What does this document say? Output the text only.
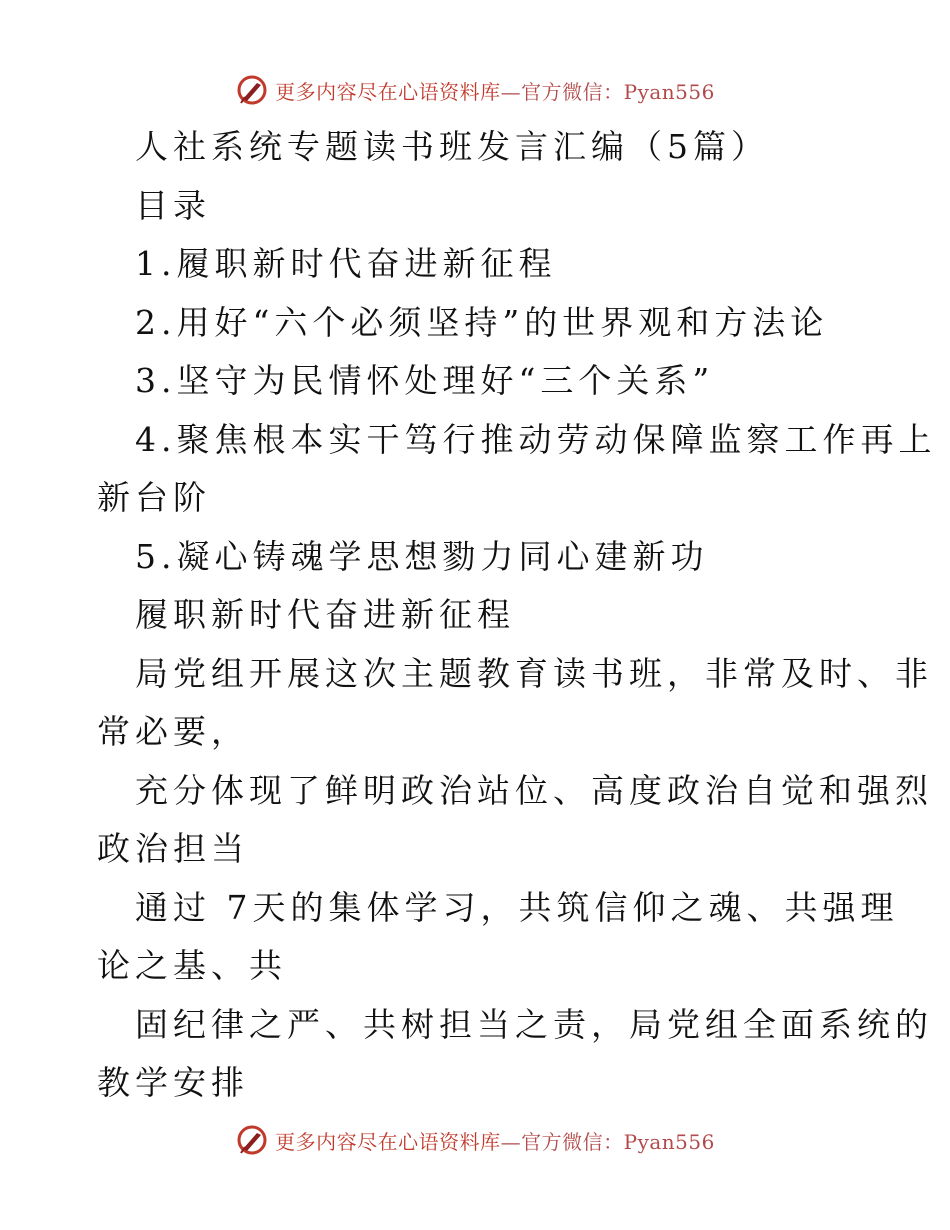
更多内容尽在心语资料库—官方微信：Pyan556

人社系统专题读书班发言汇编（5篇）

目录

1.履职新时代奋进新征程

2.用好“六个必须坚持”的世界观和方法论

3.坚守为民情怀处理好“三个关系”

4.聚焦根本实干笃行推动劳动保障监察工作再上

新台阶

5.凝心铸魂学思想勠力同心建新功

履职新时代奋进新征程

局党组开展这次主题教育读书班，非常及时、非

常必要，

充分体现了鲜明政治站位、高度政治自觉和强烈

政治担当

通过 7天的集体学习，共筑信仰之魂、共强理

论之基、共

固纪律之严、共树担当之责，局党组全面系统的

教学安排

更多内容尽在心语资料库—官方微信：Pyan556
